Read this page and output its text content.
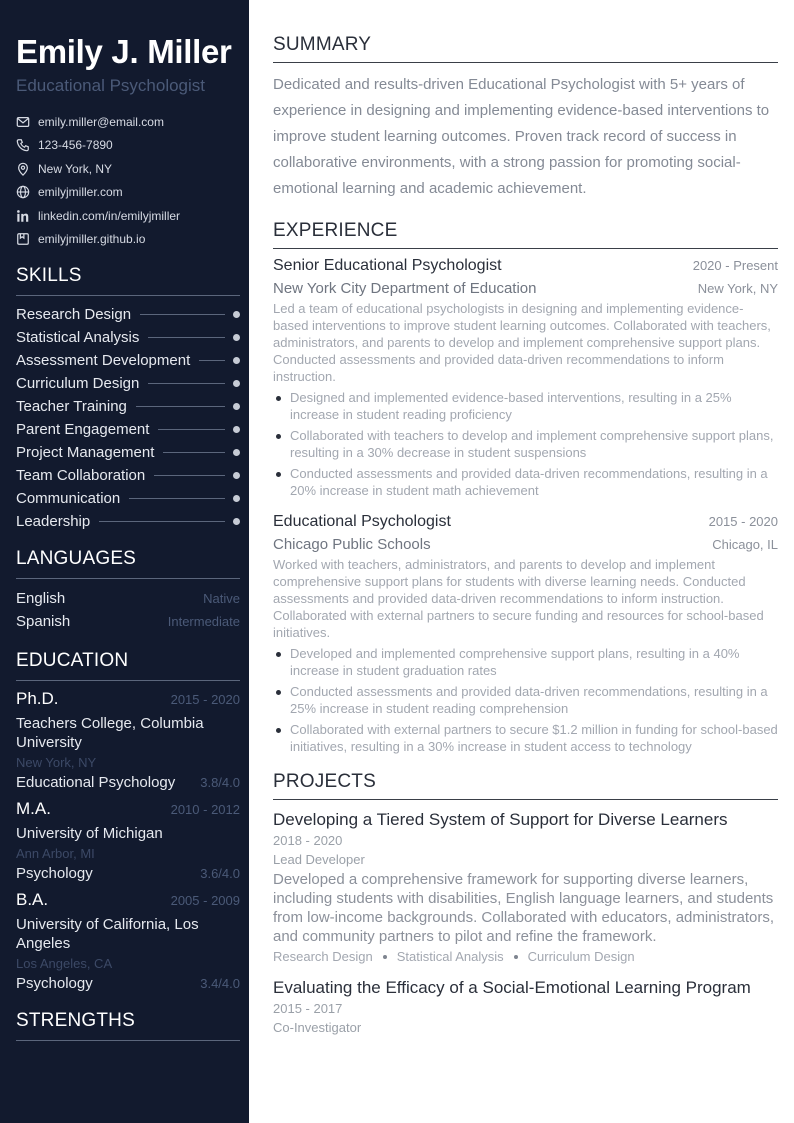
Emily J. Miller
Educational Psychologist
emily.miller@email.com
123-456-7890
New York, NY
emilyjmiller.com
linkedin.com/in/emilyjmiller
emilyjmiller.github.io
SKILLS
Research Design
Statistical Analysis
Assessment Development
Curriculum Design
Teacher Training
Parent Engagement
Project Management
Team Collaboration
Communication
Leadership
LANGUAGES
English	Native
Spanish	Intermediate
EDUCATION
Ph.D.	2015 - 2020
Teachers College, Columbia University
New York, NY
Educational Psychology 3.8/4.0
M.A.	2010 - 2012
University of Michigan
Ann Arbor, MI
Psychology	3.6/4.0
B.A.	2005 - 2009
University of California, Los Angeles
Los Angeles, CA
Psychology	3.4/4.0
STRENGTHS
SUMMARY
Dedicated and results-driven Educational Psychologist with 5+ years of experience in designing and implementing evidence-based interventions to improve student learning outcomes. Proven track record of success in collaborative environments, with a strong passion for promoting social-emotional learning and academic achievement.
EXPERIENCE
Senior Educational Psychologist	2020 - Present
New York City Department of Education	New York, NY
Led a team of educational psychologists in designing and implementing evidence-based interventions to improve student learning outcomes. Collaborated with teachers, administrators, and parents to develop and implement comprehensive support plans. Conducted assessments and provided data-driven recommendations to inform instruction.
Designed and implemented evidence-based interventions, resulting in a 25% increase in student reading proficiency
Collaborated with teachers to develop and implement comprehensive support plans, resulting in a 30% decrease in student suspensions
Conducted assessments and provided data-driven recommendations, resulting in a 20% increase in student math achievement
Educational Psychologist	2015 - 2020
Chicago Public Schools	Chicago, IL
Worked with teachers, administrators, and parents to develop and implement comprehensive support plans for students with diverse learning needs. Conducted assessments and provided data-driven recommendations to inform instruction. Collaborated with external partners to secure funding and resources for school-based initiatives.
Developed and implemented comprehensive support plans, resulting in a 40% increase in student graduation rates
Conducted assessments and provided data-driven recommendations, resulting in a 25% increase in student reading comprehension
Collaborated with external partners to secure $1.2 million in funding for school-based initiatives, resulting in a 30% increase in student access to technology
PROJECTS
Developing a Tiered System of Support for Diverse Learners
2018 - 2020
Lead Developer
Developed a comprehensive framework for supporting diverse learners, including students with disabilities, English language learners, and students from low-income backgrounds. Collaborated with educators, administrators, and community partners to pilot and refine the framework.
Research Design Statistical Analysis Curriculum Design
Evaluating the Efficacy of a Social-Emotional Learning Program
2015 - 2017
Co-Investigator
